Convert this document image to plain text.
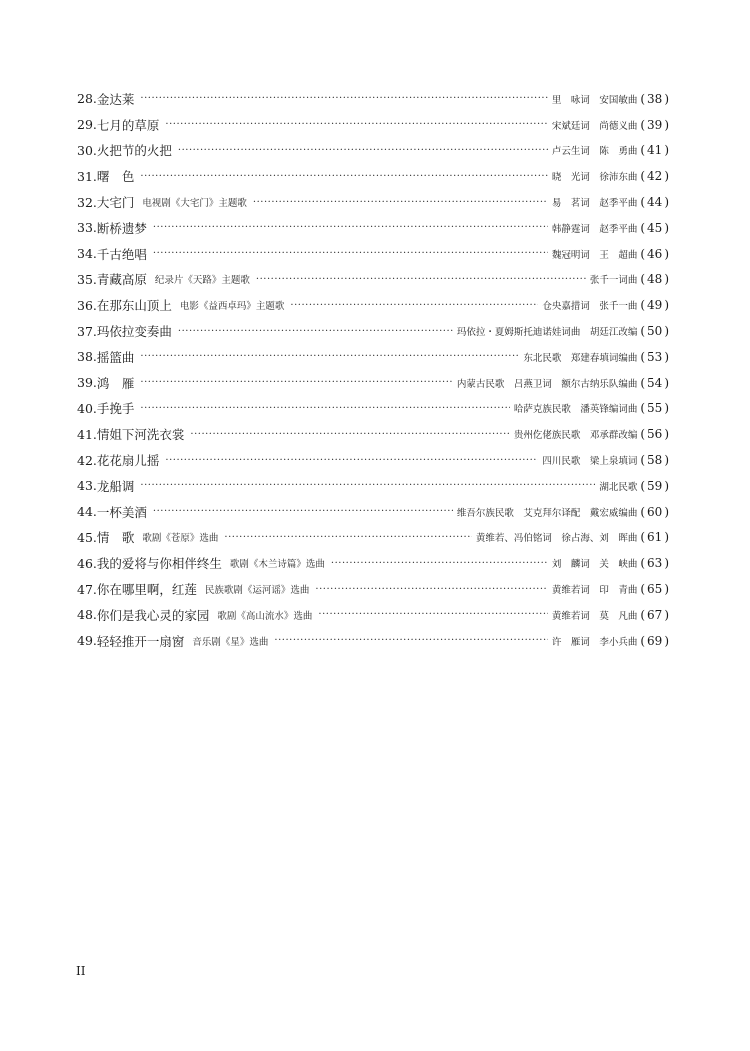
28. 金达莱 ·····	里　咏词　安国敏曲 ( 38 )
29. 七月的草原 ·····	宋斌廷词　尚德义曲 ( 39 )
30. 火把节的火把 ·····	卢云生词　陈　勇曲 ( 41 )
31. 曙　色 ·····	晓　光词　徐沛东曲 ( 42 )
32. 大宅门 电视剧《大宅门》主题歌 ·····	易　茗词　赵季平曲 ( 44 )
33. 断桥遗梦 ·····	韩静霆词　赵季平曲 ( 45 )
34. 千古绝唱 ·····	魏冠明词　王　超曲 ( 46 )
35. 青藏高原 纪录片《天路》主题歌 ·····	张千一词曲 ( 48 )
36. 在那东山顶上 电影《益西卓玛》主题歌 ·····	仓央嘉措词　张千一曲 ( 49 )
37. 玛依拉变奏曲 ·····	玛依拉・夏姆斯托迪诺娃词曲　胡廷江改编 ( 50 )
38. 摇篮曲 ·····	东北民歌　郑建春填词编曲 ( 53 )
39. 鸿　雁 ·····	内蒙古民歌　吕燕卫词　额尔古纳乐队编曲 ( 54 )
40. 手挽手 ·····	哈萨克族民歌　潘英锋编词曲 ( 55 )
41. 情姐下河洗衣裳 ·····	贵州仡佬族民歌　邓承群改编 ( 56 )
42. 花花扇儿摇 ·····	四川民歌　梁上泉填词 ( 58 )
43. 龙船调 ·····	湖北民歌 ( 59 )
44. 一杯美酒 ·····	维吾尔族民歌　艾克拜尔译配　戴宏威编曲 ( 60 )
45. 情　歌 歌剧《苍原》选曲 ·····	黄维若、冯伯铭词　徐占海、刘　晖曲 ( 61 )
46. 我的爱将与你相伴终生 歌剧《木兰诗篇》选曲 ·····	刘　麟词　关　峡曲 ( 63 )
47. 你在哪里啊，红莲 民族歌剧《运河谣》选曲 ·····	黄维若词　印　青曲 ( 65 )
48. 你们是我心灵的家园 歌剧《高山流水》选曲 ·····	黄维若词　莫　凡曲 ( 67 )
49. 轻轻推开一扇窗 音乐剧《星》选曲 ·····	许　雁词　李小兵曲 ( 69 )
II
